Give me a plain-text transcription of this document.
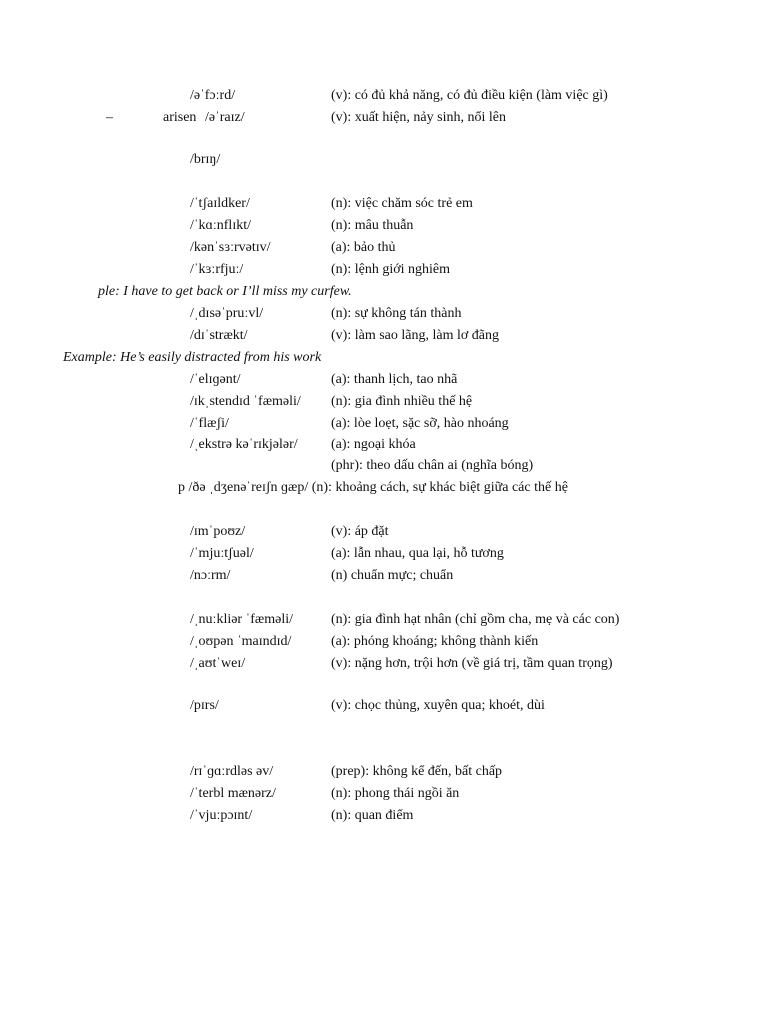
/əˈfɔːrd/	(v): có đủ khả năng, có đủ điều kiện (làm việc gì)
–	arisen /əˈraɪz/	(v): xuất hiện, nảy sinh, nổi lên
/brɪŋ/
/ˈtʃaɪldker/	(n): việc chăm sóc trẻ em
/ˈkɑːnflɪkt/	(n): mâu thuẫn
/kənˈsɜːrvətɪv/	(a): bảo thủ
/ˈkɜːrfjuː/	(n): lệnh giới nghiêm
ple: I have to get back or I’ll miss my curfew.
/ˌdɪsəˈpruːvl/	(n): sự không tán thành
/dɪˈstrækt/	(v): làm sao lãng, làm lơ đãng
Example: He’s easily distracted from his work
/ˈelɪɡənt/	(a): thanh lịch, tao nhã
/ɪkˌstendɪd ˈfæməli/ (n): gia đình nhiều thế hệ
/ˈflæʃi/	(a): lòe loẹt, sặc sỡ, hào nhoáng
/ˌekstrə kəˈrɪkjələr/ (a): ngoại khóa
(phr): theo dấu chân ai (nghĩa bóng)
p /ðə ˌdʒenəˈreɪʃn ɡæp/ (n): khoảng cách, sự khác biệt giữa các thế hệ
/ɪmˈpoʊz/	(v): áp đặt
/ˈmjuːtʃuəl/	(a): lẫn nhau, qua lại, hỗ tương
/nɔːrm/	(n) chuẩn mực; chuẩn
/ˌnuːkliər ˈfæməli/	(n): gia đình hạt nhân (chỉ gồm cha, mẹ và các con)
/ˌoʊpən ˈmaɪndɪd/	(a): phóng khoáng; không thành kiến
/ˌaʊtˈweɪ/	(v): nặng hơn, trội hơn (về giá trị, tầm quan trọng)
/pɪrs/	(v): chọc thủng, xuyên qua; khoét, dùi
/rɪˈɡɑːrdləs əv/	(prep): không kể đến, bất chấp
/ˈterbl mænərz/	(n): phong thái ngồi ăn
/ˈvjuːpɔɪnt/	(n): quan điểm
